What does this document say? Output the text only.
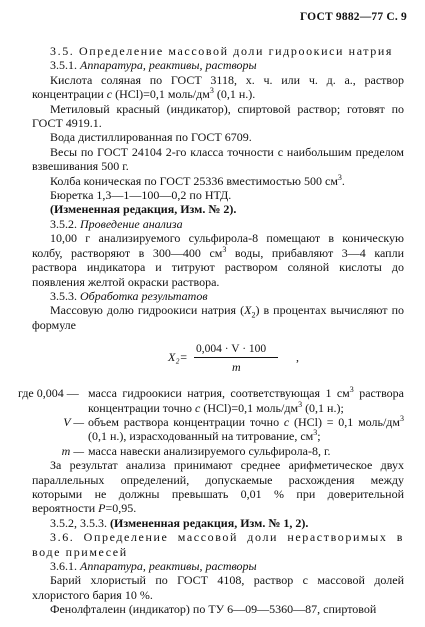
ГОСТ 9882—77 С. 9

3.5. Определение массовой доли гидроокиси натрия

3.5.1. Аппаратура, реактивы, растворы

Кислота соляная по ГОСТ 3118, х. ч. или ч. д. а., раствор концентрации c (HCl)=0,1 моль/$дм^3$ (0,1 н.).

Метиловый красный (индикатор), спиртовой раствор; готовят по ГОСТ 4919.1.

Вода дистиллированная по ГОСТ 6709.

Весы по ГОСТ 24104 2-го класса точности с наибольшим пределом взвешивания 500 г.

Колба коническая по ГОСТ 25336 вместимостью 500 $см^3$.

Бюретка 1,3—1—100—0,2 по НТД.

(Измененная редакция, Изм. № 2).

3.5.2. Проведение анализа

10,00 г анализируемого сульфирола-8 помещают в коническую колбу, растворяют в 300—400 $см^3$ воды, прибавляют 3—4 капли раствора индикатора и титруют раствором соляной кислоты до появления желтой окраски раствора.

3.5.3. Обработка результатов

Массовую долю гидроокиси натрия $(X_2)$ в процентах вычисляют по формуле

X₂=
0,004 · V · 100
m
,
где 0,004 — масса гидроокиси натрия, соответствующая 1 $см^3$ раствора концентрации точно c (HCl)=0,1 моль/$дм^3$ (0,1 н.);

V — объем раствора концентрации точно c (HCl) = 0,1 моль/$дм^3$ (0,1 н.), израсходованный на титрование, $см^3$;

m — масса навески анализируемого сульфирола-8, г.

За результат анализа принимают среднее арифметическое двух параллельных определений, допускаемые расхождения между которыми не должны превышать 0,01 % при доверительной вероятности P=0,95.

3.5.2, 3.5.3. (Измененная редакция, Изм. № 1, 2).

3.6. Определение массовой доли нерастворимых в воде примесей

3.6.1. Аппаратура, реактивы, растворы

Барий хлористый по ГОСТ 4108, раствор с массовой долей хлористого бария 10 %.

Фенолфталеин (индикатор) по ТУ 6—09—5360—87, спиртовой
